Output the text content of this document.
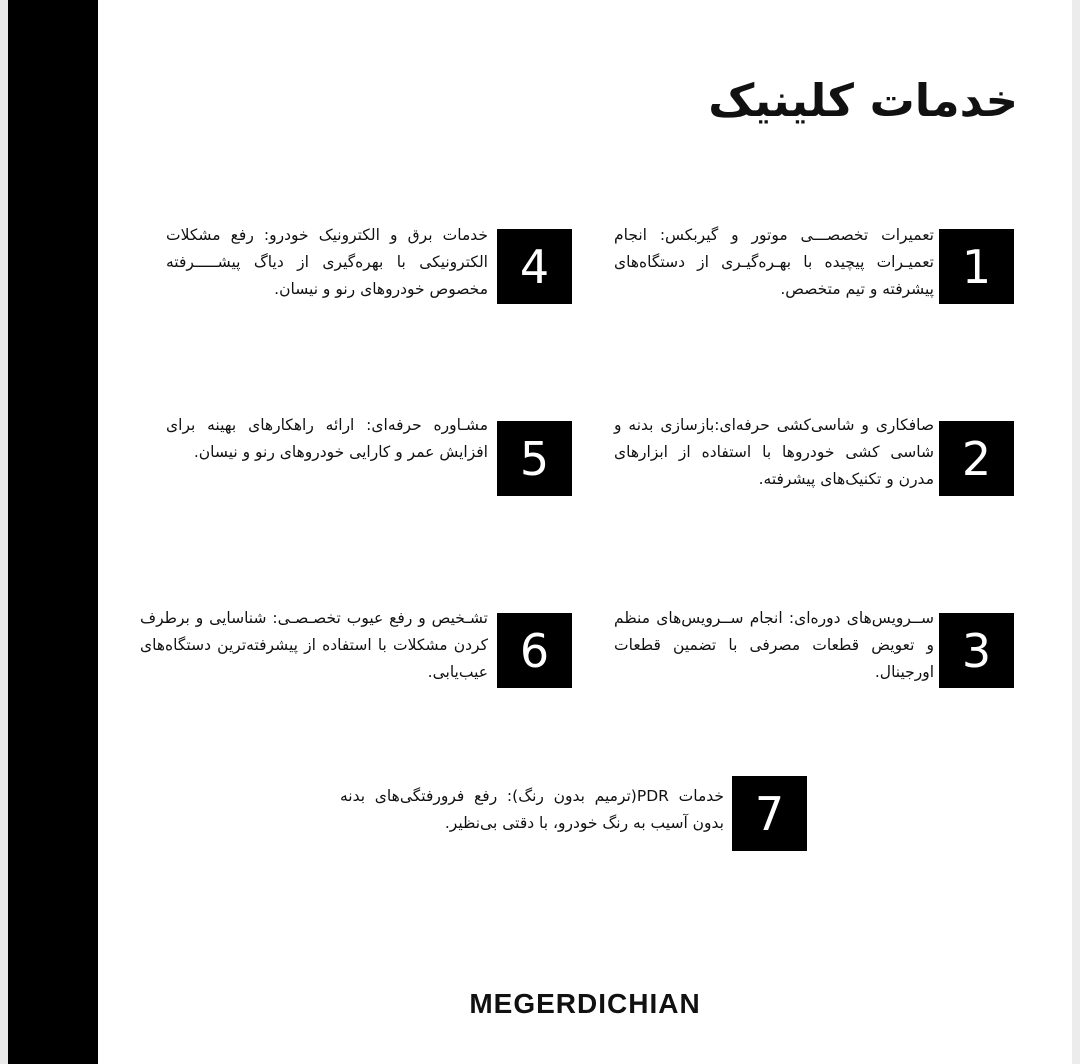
خدمات کلینیک
1

تعمیرات تخصصـــی موتور و گیربکس: انجام تعمیـرات پیچیده با بهـره‌گیـری از دستگاه‌های پیشرفته و تیم متخصص.

2

صافکاری و شاسی‌کشی حرفه‌ای:بازسازی بدنه و شاسی کشی خودروها با استفاده از ابزارهای مدرن و تکنیک‌های پیشرفته.

3

ســرویس‌های دوره‌ای: انجام ســرویس‌های منظم و تعویض قطعات مصرفی با تضمین قطعات اورجینال.

4

خدمات برق و الکترونیک خودرو: رفع مشکلات الکترونیکی با بهره‌گیری از دیاگ پیشـــــرفته مخصوص خودروهای رنو و نیسان.

5

مشـاوره حرفه‌ای: ارائه راهکارهای بهینه برای افزایش عمر و کارایی خودروهای رنو و نیسان.

6

تشـخیص و رفع عیوب تخصـصـی: شناسایی و برطرف کردن مشکلات با استفاده از پیشرفته‌ترین دستگاه‌های عیب‌یابی.

7

خدمات PDR(ترمیم بدون رنگ): رفع فرورفتگی‌های بدنه بدون آسیب به رنگ خودرو، با دقتی بی‌نظیر.

MEGERDICHIAN
